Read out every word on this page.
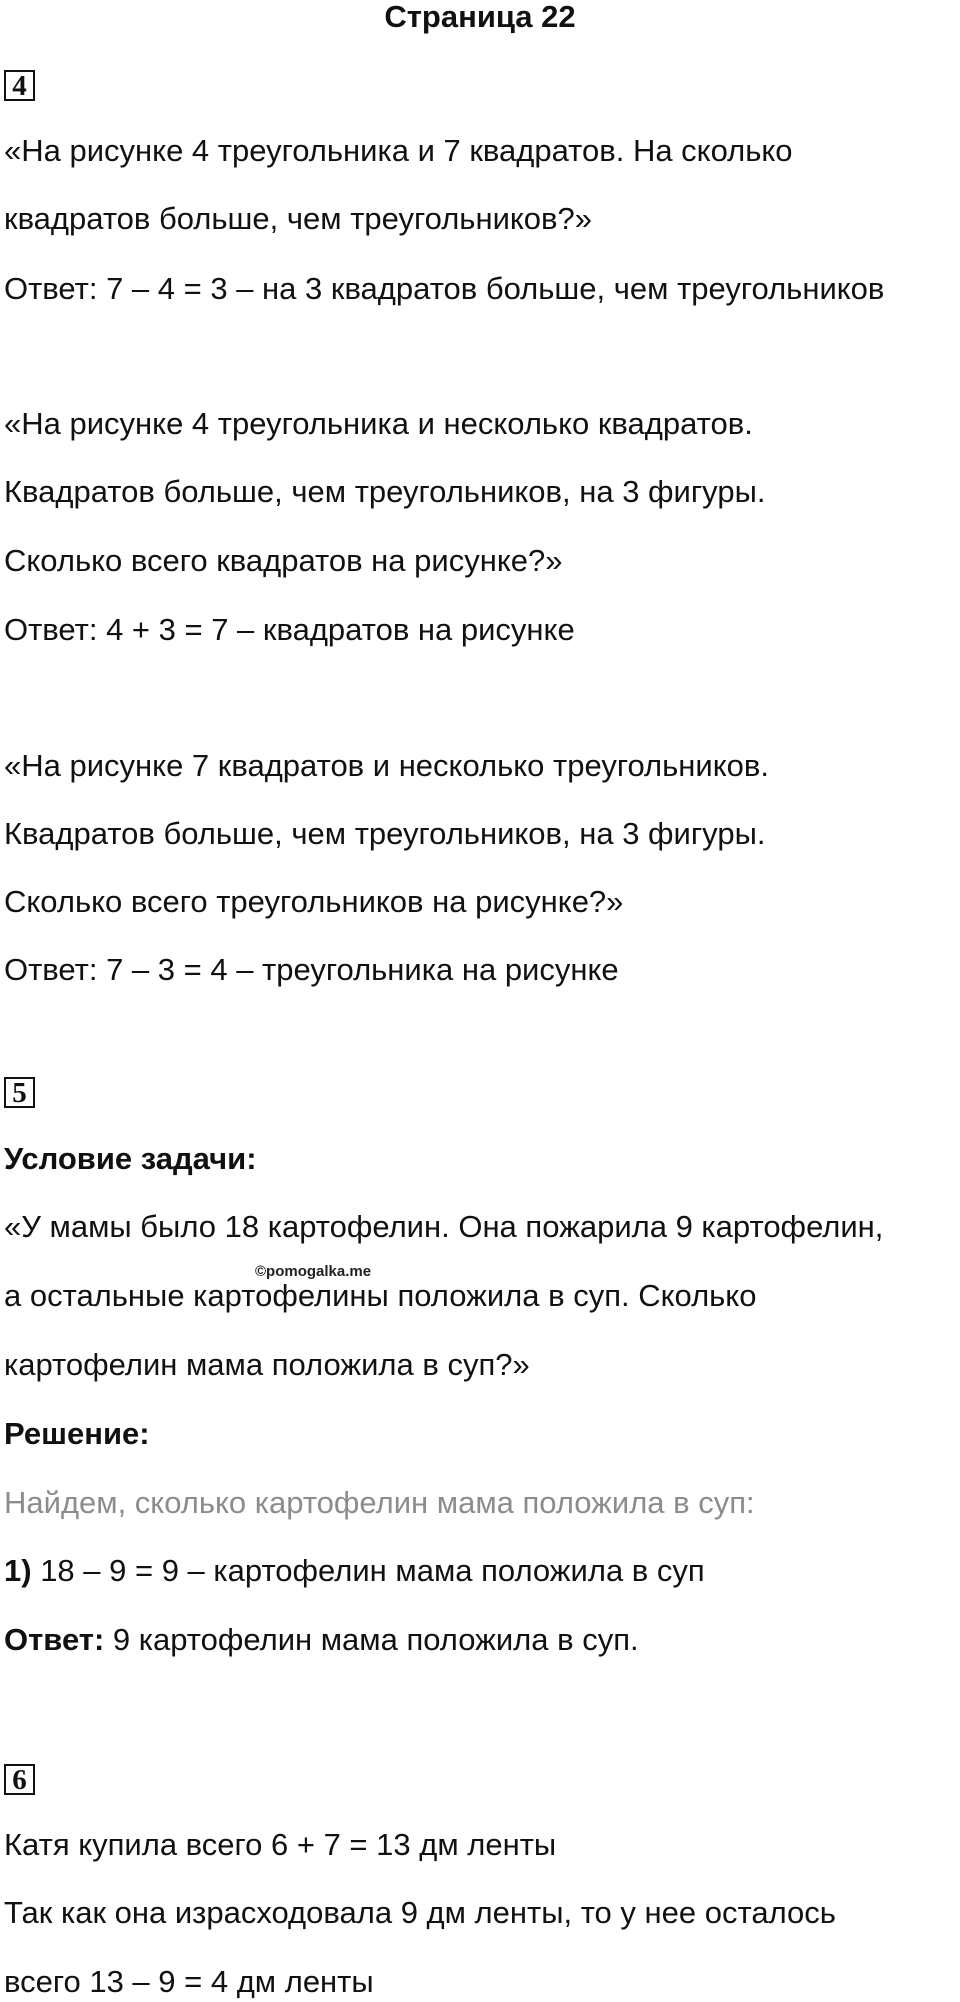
Страница 22
4
«На рисунке 4 треугольника и 7 квадратов. На сколько
квадратов больше, чем треугольников?»
Ответ: 7 – 4 = 3 – на 3 квадратов больше, чем треугольников
«На рисунке 4 треугольника и несколько квадратов.
Квадратов больше, чем треугольников, на 3 фигуры.
Сколько всего квадратов на рисунке?»
Ответ: 4 + 3 = 7 – квадратов на рисунке
«На рисунке 7 квадратов и несколько треугольников.
Квадратов больше, чем треугольников, на 3 фигуры.
Сколько всего треугольников на рисунке?»
Ответ: 7 – 3 = 4 – треугольника на рисунке
5
Условие задачи:
«У мамы было 18 картофелин. Она пожарила 9 картофелин,
а остальные картофелины положила в суп. Сколько
картофелин мама положила в суп?»
©pomogalka.me
Решение:
Найдем, сколько картофелин мама положила в суп:
1) 18 – 9 = 9 – картофелин мама положила в суп
Ответ: 9 картофелин мама положила в суп.
6
Катя купила всего 6 + 7 = 13 дм ленты
Так как она израсходовала 9 дм ленты, то у нее осталось
всего 13 – 9 = 4 дм ленты
